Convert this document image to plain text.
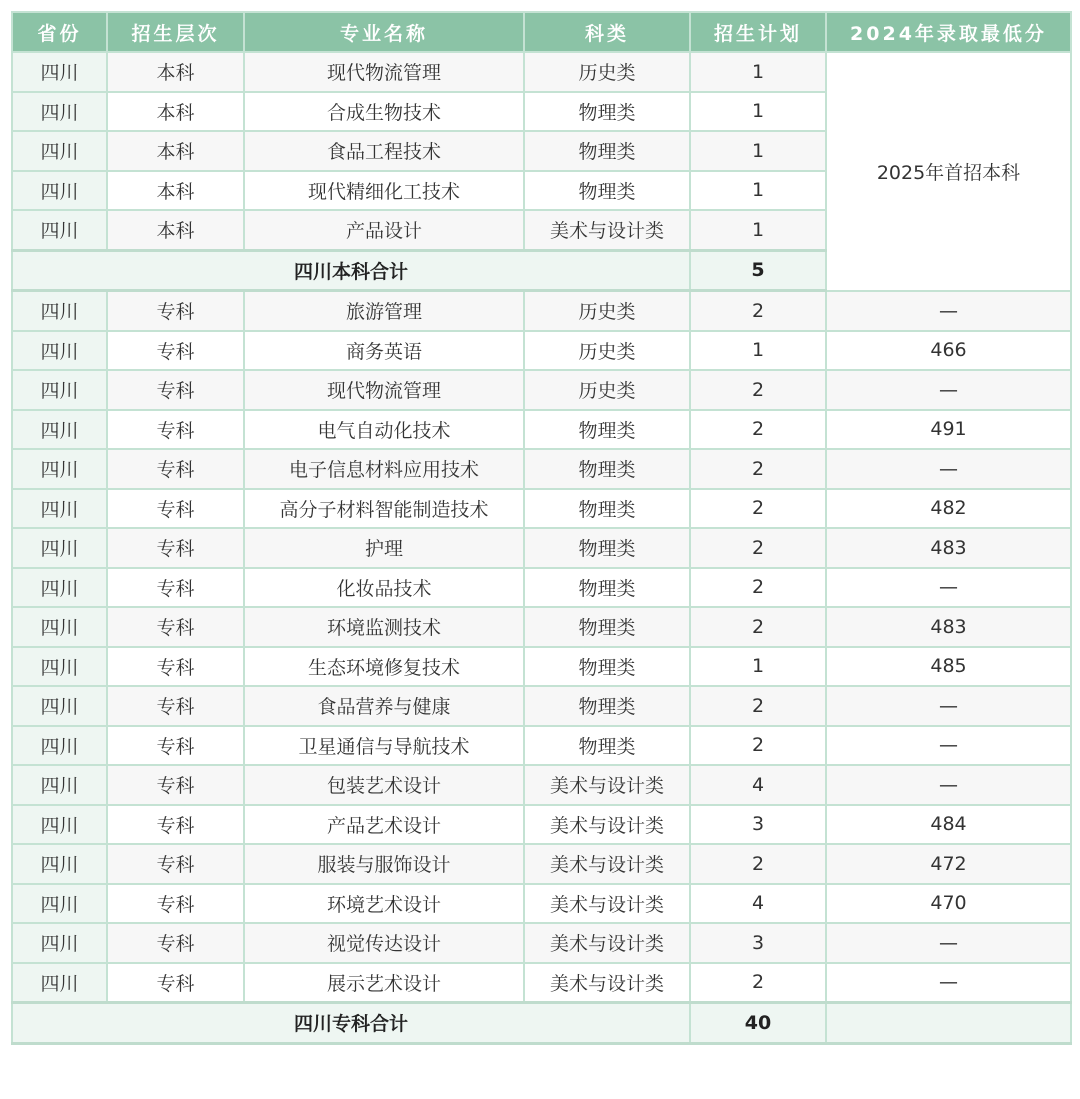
省份	招生层次	专业名称	科类	招生计划	2024年录取最低分
四川	本科	现代物流管理	历史类	1	2025年首招本科
四川	本科	合成生物技术	物理类	1	
四川	本科	食品工程技术	物理类	1	
四川	本科	现代精细化工技术	物理类	1	
四川	本科	产品设计	美术与设计类	1	
四川本科合计				5	
四川	专科	旅游管理	历史类	2	—
四川	专科	商务英语	历史类	1	466
四川	专科	现代物流管理	历史类	2	—
四川	专科	电气自动化技术	物理类	2	491
四川	专科	电子信息材料应用技术	物理类	2	—
四川	专科	高分子材料智能制造技术	物理类	2	482
四川	专科	护理	物理类	2	483
四川	专科	化妆品技术	物理类	2	—
四川	专科	环境监测技术	物理类	2	483
四川	专科	生态环境修复技术	物理类	1	485
四川	专科	食品营养与健康	物理类	2	—
四川	专科	卫星通信与导航技术	物理类	2	—
四川	专科	包装艺术设计	美术与设计类	4	—
四川	专科	产品艺术设计	美术与设计类	3	484
四川	专科	服装与服饰设计	美术与设计类	2	472
四川	专科	环境艺术设计	美术与设计类	4	470
四川	专科	视觉传达设计	美术与设计类	3	—
四川	专科	展示艺术设计	美术与设计类	2	—
四川专科合计				40	
